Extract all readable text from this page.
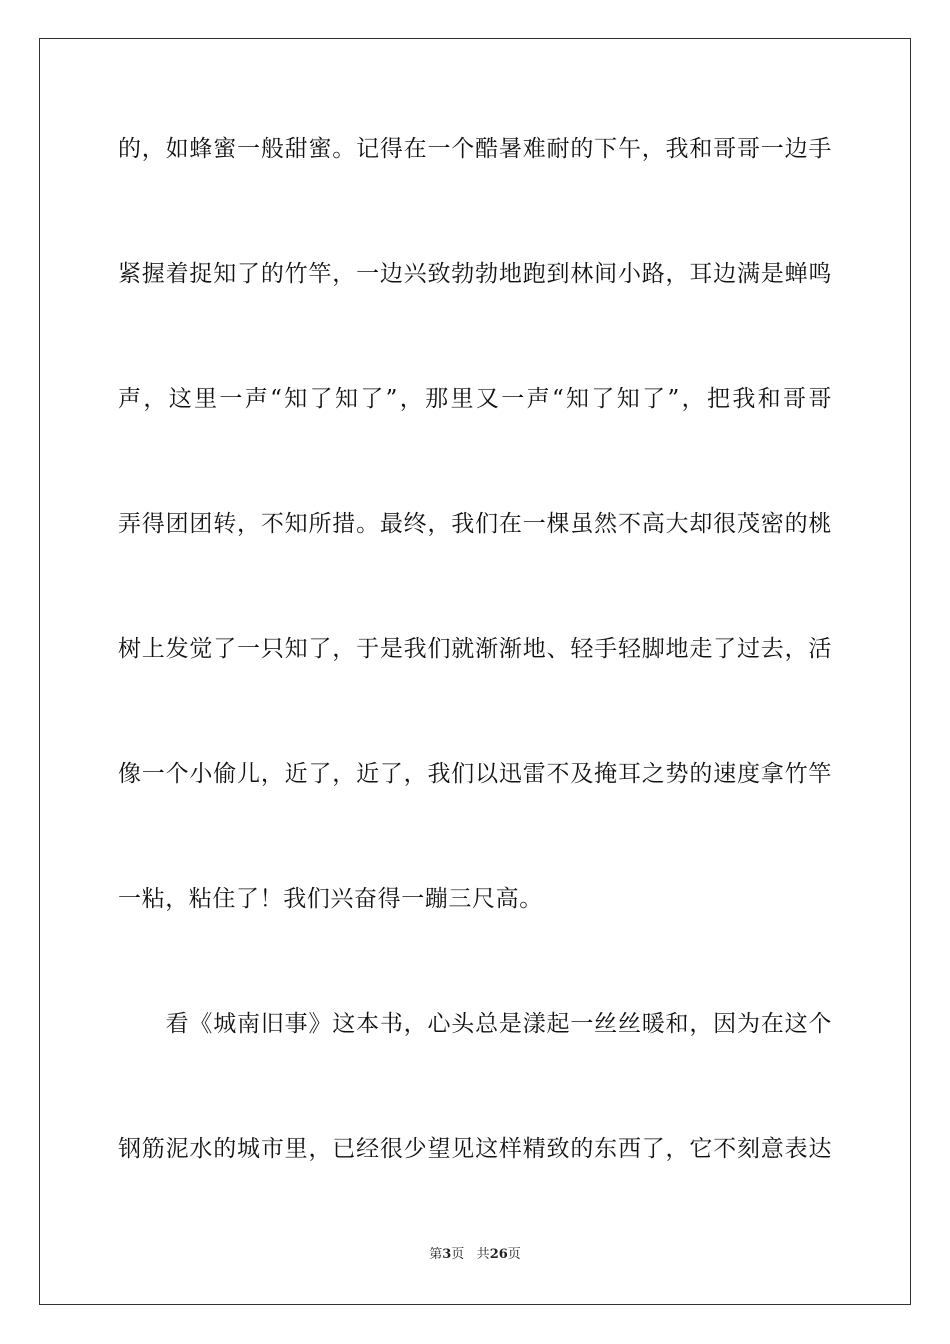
的，如蜂蜜一般甜蜜。记得在一个酷暑难耐的下午，我和哥哥一边手
紧握着捉知了的竹竿，一边兴致勃勃地跑到林间小路，耳边满是蝉鸣
声，这里一声“知了知了”，那里又一声“知了知了”，把我和哥哥
弄得团团转，不知所措。最终，我们在一棵虽然不高大却很茂密的桃
树上发觉了一只知了，于是我们就渐渐地、轻手轻脚地走了过去，活
像一个小偷儿，近了，近了，我们以迅雷不及掩耳之势的速度拿竹竿
一粘，粘住了！我们兴奋得一蹦三尺高。
　　看《城南旧事》这本书，心头总是漾起一丝丝暖和，因为在这个
钢筋泥水的城市里，已经很少望见这样精致的东西了，它不刻意表达
第3页 共26页
